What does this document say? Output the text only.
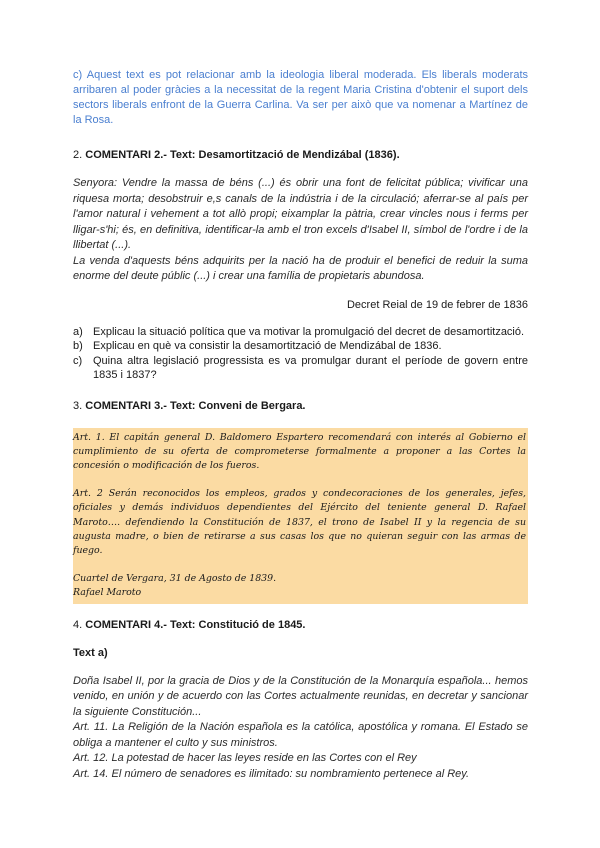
c) Aquest text es pot relacionar amb la ideologia liberal moderada. Els liberals moderats arribaren al poder gràcies a la necessitat de la regent Maria Cristina d'obtenir el suport dels sectors liberals enfront de la Guerra Carlina. Va ser per això que va nomenar a Martínez de la Rosa.

2. COMENTARI 2.- Text: Desamortització de Mendizábal (1836).

Senyora: Vendre la massa de béns (...) és obrir una font de felicitat pública; vivificar una riquesa morta; desobstruir e,s canals de la indústria i de la circulació; aferrar-se al país per l'amor natural i vehement a tot allò propi; eixamplar la pàtria, crear vincles nous i ferms per lligar-s'hi; és, en definitiva, identificar-la amb el tron excels d'Isabel II, símbol de l'ordre i de la llibertat (...).

La venda d'aquests béns adquirits per la nació ha de produir el benefici de reduir la suma enorme del deute públic (...) i crear una família de propietaris abundosa.

Decret Reial de 19 de febrer de 1836

a) Explicau la situació política que va motivar la promulgació del decret de desamortització.
b) Explicau en què va consistir la desamortització de Mendizábal de 1836.
c) Quina altra legislació progressista es va promulgar durant el període de govern entre 1835 i 1837?

3. COMENTARI 3.- Text: Conveni de Bergara.

Art. 1. El capitán general D. Baldomero Espartero recomendará con interés al Gobierno el cumplimiento de su oferta de comprometerse formalmente a proponer a las Cortes la concesión o modificación de los fueros.

Art. 2 Serán reconocidos los empleos, grados y condecoraciones de los generales, jefes, oficiales y demás individuos dependientes del Ejército del teniente general D. Rafael Maroto…. defendiendo la Constitución de 1837, el trono de Isabel II y la regencia de su augusta madre, o bien de retirarse a sus casas los que no quieran seguir con las armas de fuego.

Cuartel de Vergara, 31 de Agosto de 1839.

Rafael Maroto

4. COMENTARI 4.- Text: Constitució de 1845.

Text a)

Doña Isabel II, por la gracia de Dios y de la Constitución de la Monarquía española... hemos venido, en unión y de acuerdo con las Cortes actualmente reunidas, en decretar y sancionar la siguiente Constitución...

Art. 11. La Religión de la Nación española es la católica, apostólica y romana. El Estado se obliga a mantener el culto y sus ministros.

Art. 12. La potestad de hacer las leyes reside en las Cortes con el Rey

Art. 14. El número de senadores es ilimitado: su nombramiento pertenece al Rey.
